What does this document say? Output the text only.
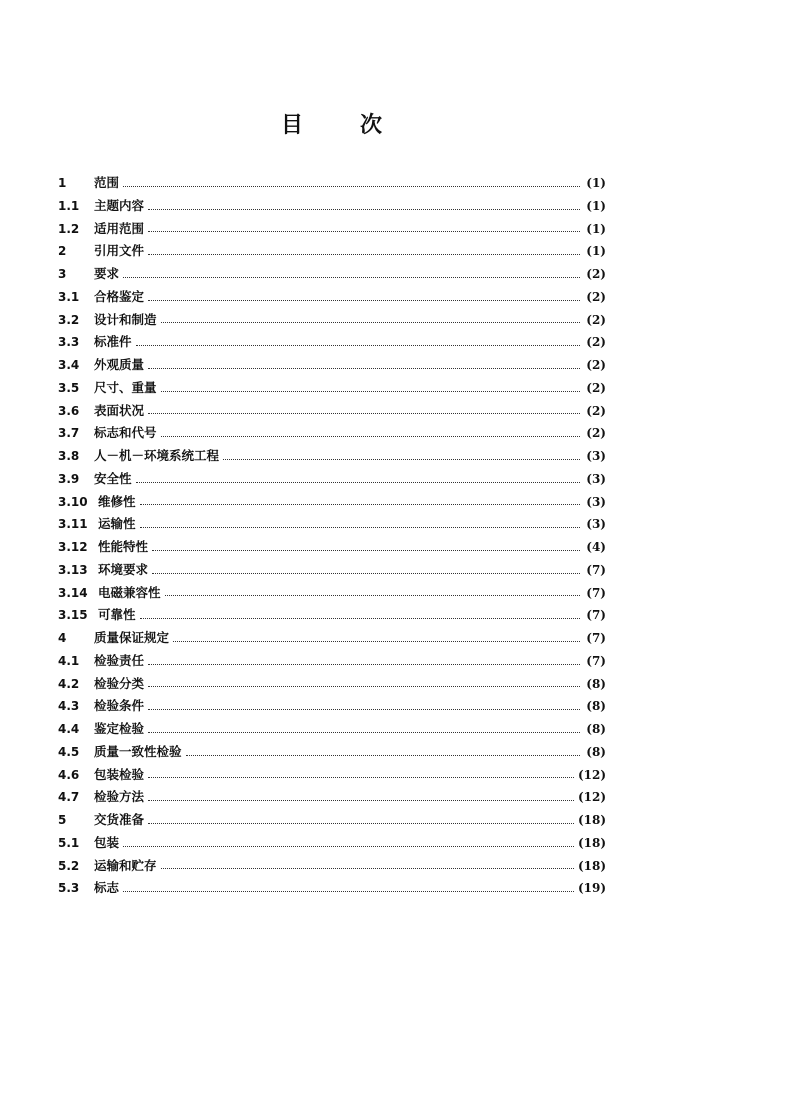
目	次
1	范围	(1)
1.1	主题内容	(1)
1.2	适用范围	(1)
2	引用文件	(1)
3	要求	(2)
3.1	合格鉴定	(2)
3.2	设计和制造	(2)
3.3	标准件	(2)
3.4	外观质量	(2)
3.5	尺寸、重量	(2)
3.6	表面状况	(2)
3.7	标志和代号	(2)
3.8	人－机－环境系统工程	(3)
3.9	安全性	(3)
3.10 维修性	(3)
3.11 运输性	(3)
3.12 性能特性	(4)
3.13 环境要求	(7)
3.14 电磁兼容性	(7)
3.15 可靠性	(7)
4	质量保证规定	(7)
4.1	检验责任	(7)
4.2	检验分类	(8)
4.3	检验条件	(8)
4.4	鉴定检验	(8)
4.5	质量一致性检验	(8)
4.6	包装检验	(12)
4.7	检验方法	(12)
5	交货准备	(18)
5.1	包装	(18)
5.2	运输和贮存	(18)
5.3	标志	(19)
